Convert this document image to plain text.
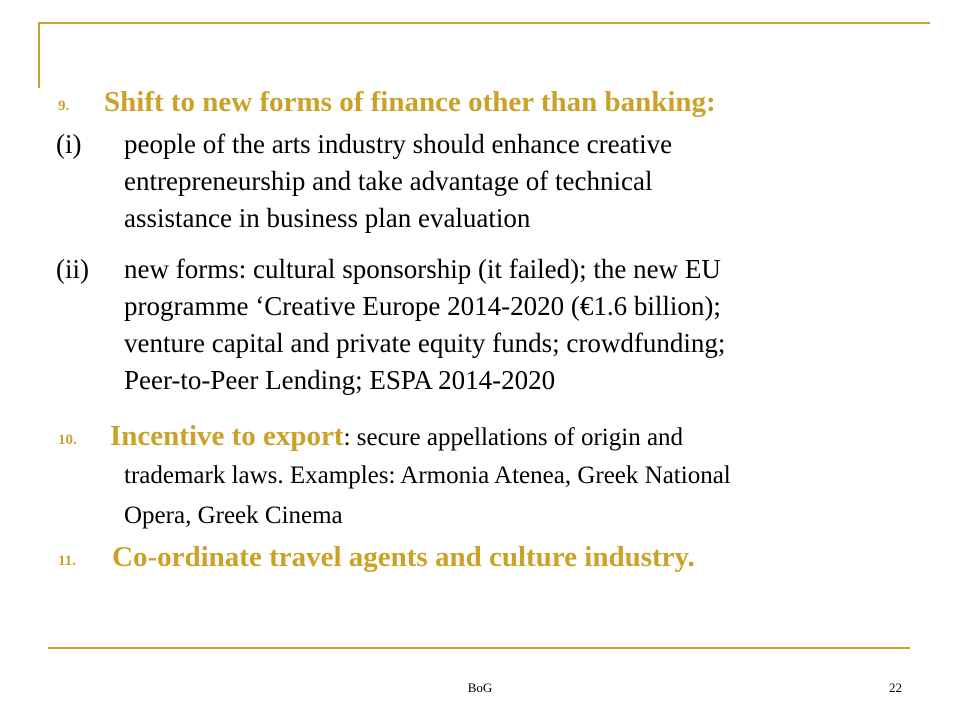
9. Shift to new forms of finance other than banking:
(i)	people of the arts industry should enhance creative
entrepreneurship and take advantage of technical
assistance in business plan evaluation
(ii)	new forms: cultural sponsorship (it failed); the new EU
programme ‘Creative Europe 2014-2020 (€1.6 billion);
venture capital and private equity funds; crowdfunding;
Peer-to-Peer Lending; ESPA 2014-2020
10. Incentive to export: secure appellations of origin and
trademark laws. Examples: Armonia Atenea, Greek National
Opera, Greek Cinema
11. Co-ordinate travel agents and culture industry.
BoG	22
